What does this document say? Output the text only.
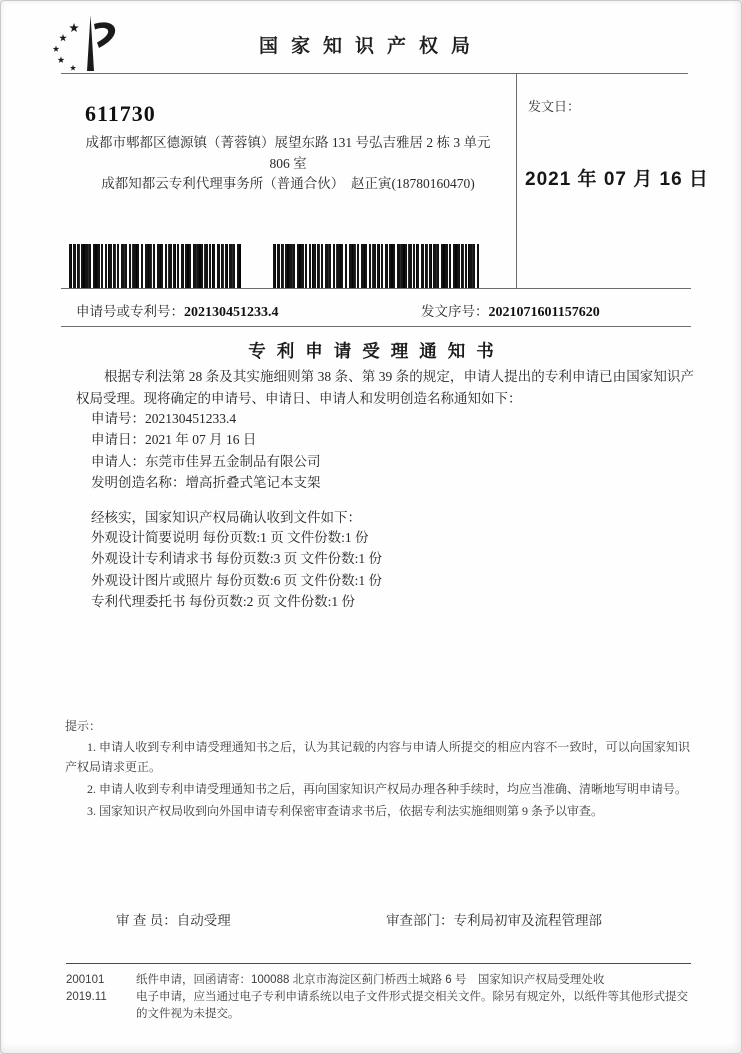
国家知识产权局
611730
成都市郫都区德源镇（菁蓉镇）展望东路 131 号弘吉雅居 2 栋 3 单元
806 室
成都知都云专利代理事务所（普通合伙）　赵正寅(18780160470)
发文日：
2021 年 07 月 16 日
申请号或专利号：202130451233.4	发文序号：2021071601157620
专利申请受理通知书
根据专利法第 28 条及其实施细则第 38 条、第 39 条的规定，申请人提出的专利申请已由国家知识产权局受理。现将确定的申请号、申请日、申请人和发明创造名称通知如下：
申请号：202130451233.4
申请日：2021 年 07 月 16 日
申请人：东莞市佳昇五金制品有限公司
发明创造名称：增高折叠式笔记本支架
经核实，国家知识产权局确认收到文件如下：
外观设计简要说明 每份页数:1 页 文件份数:1 份
外观设计专利请求书 每份页数:3 页 文件份数:1 份
外观设计图片或照片 每份页数:6 页 文件份数:1 份
专利代理委托书 每份页数:2 页 文件份数:1 份
提示：

1. 申请人收到专利申请受理通知书之后，认为其记载的内容与申请人所提交的相应内容不一致时，可以向国家知识产权局请求更正。

2. 申请人收到专利申请受理通知书之后，再向国家知识产权局办理各种手续时，均应当准确、清晰地写明申请号。

3. 国家知识产权局收到向外国申请专利保密审查请求书后，依据专利法实施细则第 9 条予以审查。

审 查 员：自动受理	审查部门：专利局初审及流程管理部
200101
2019.11
纸件申请，回函请寄：100088 北京市海淀区蓟门桥西土城路 6 号　国家知识产权局受理处收
电子申请，应当通过电子专利申请系统以电子文件形式提交相关文件。除另有规定外，以纸件等其他形式提交的文件视为未提交。
